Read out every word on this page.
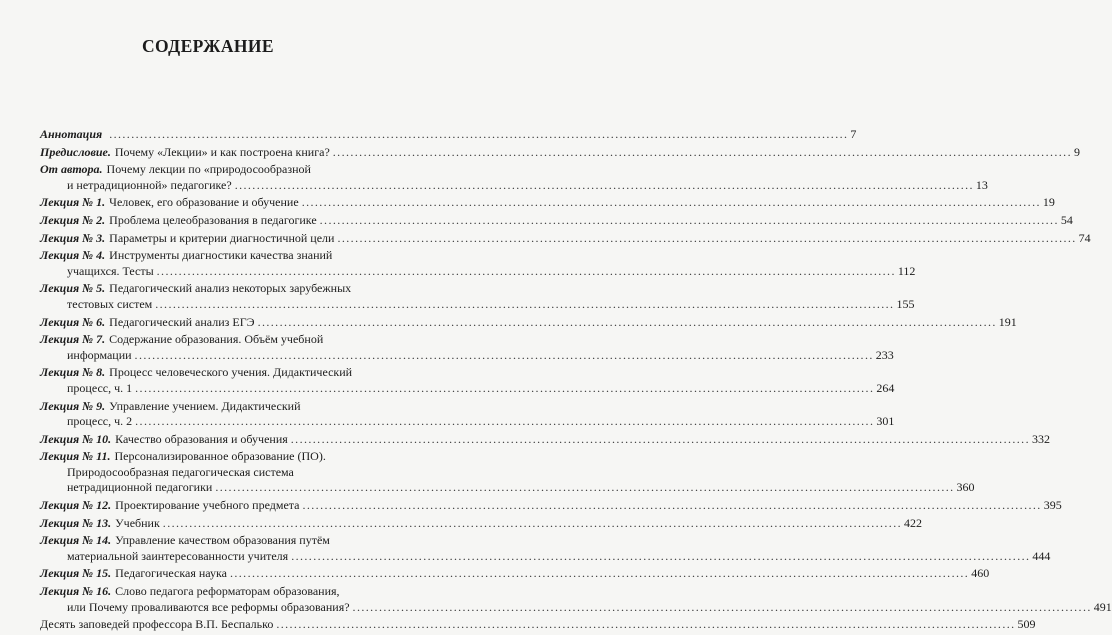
СОДЕРЖАНИЕ
Аннотация .....	7
Предисловие. Почему «Лекции» и как построена книга? .....	9
От автора. Почему лекции по «природосообразной
и нетрадиционной» педагогике? .....	13
Лекция № 1. Человек, его образование и обучение .....	19
Лекция № 2. Проблема целеобразования в педагогике .....	54
Лекция № 3. Параметры и критерии диагностичной цели .....	74
Лекция № 4. Инструменты диагностики качества знаний
учащихся. Тесты .....	112
Лекция № 5. Педагогический анализ некоторых зарубежных
тестовых систем .....	155
Лекция № 6. Педагогический анализ ЕГЭ .....	191
Лекция № 7. Содержание образования. Объём учебной
информации .....	233
Лекция № 8. Процесс человеческого учения. Дидактический
процесс, ч. 1 .....	264
Лекция № 9. Управление учением. Дидактический
процесс, ч. 2 .....	301
Лекция № 10. Качество образования и обучения .....	332
Лекция № 11. Персонализированное образование (ПО).
Природосообразная педагогическая система
нетрадиционной педагогики .....	360
Лекция № 12. Проектирование учебного предмета .....	395
Лекция № 13. Учебник .....	422
Лекция № 14. Управление качеством образования путём
материальной заинтересованности учителя .....	444
Лекция № 15. Педагогическая наука .....	460
Лекция № 16. Слово педагога реформаторам образования,
или Почему проваливаются все реформы образования? .....	491
Десять заповедей профессора В.П. Беспалько .....	509
